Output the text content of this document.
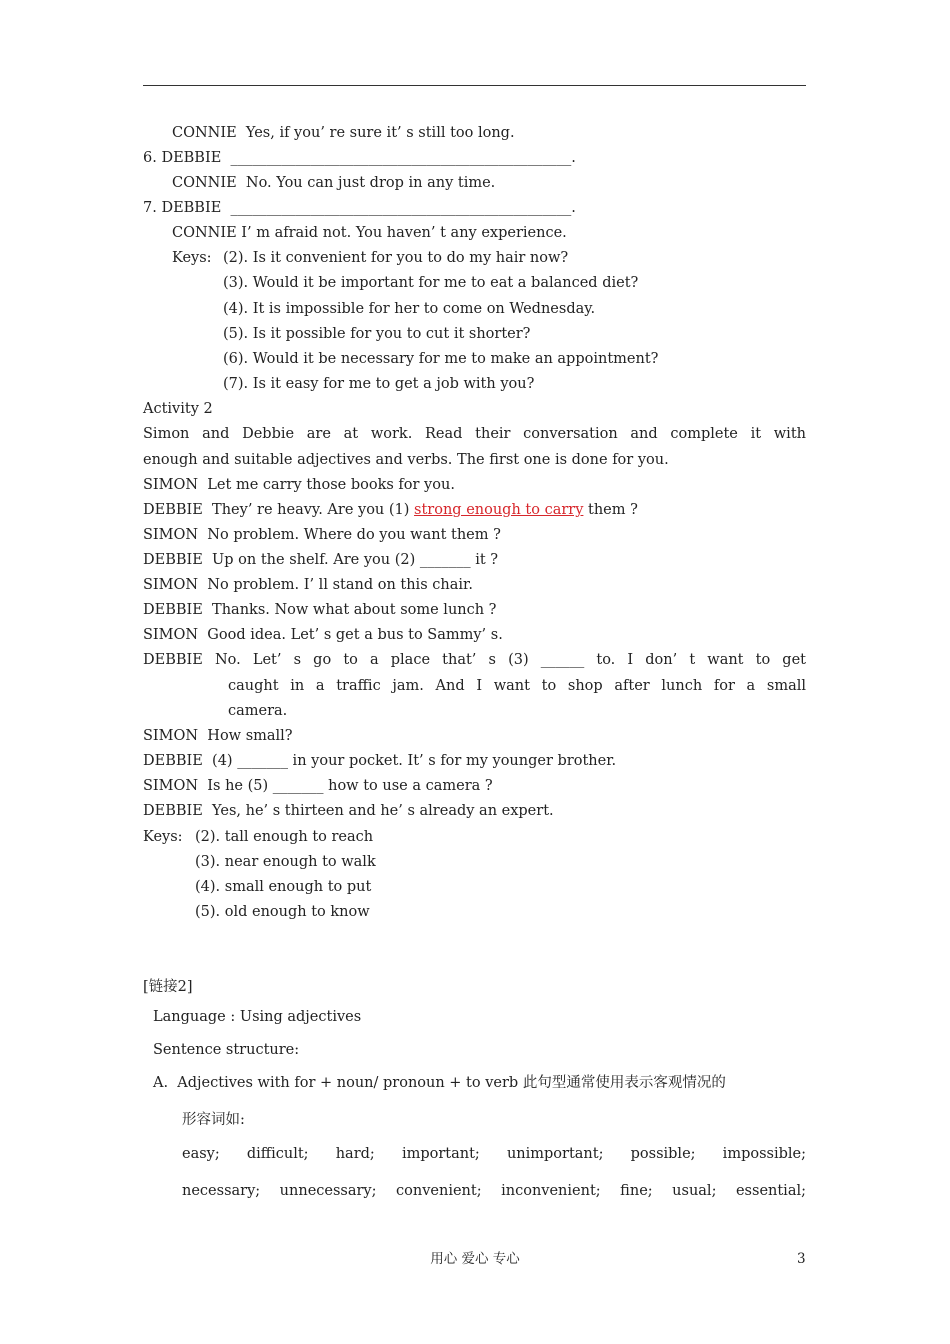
CONNIE  Yes, if you’ re sure it’ s still too long.
6. DEBBIE  _______________________________________________.
CONNIE  No. You can just drop in any time.
7. DEBBIE  _______________________________________________.
CONNIE I’ m afraid not. You haven’ t any experience.
Keys: (2). Is it convenient for you to do my hair now?
(3). Would it be important for me to eat a balanced diet?
(4). It is impossible for her to come on Wednesday.
(5). Is it possible for you to cut it shorter?
(6). Would it be necessary for me to make an appointment?
(7). Is it easy for me to get a job with you?
Activity 2
Simon and Debbie are at work. Read their conversation and complete it with
enough and suitable adjectives and verbs. The first one is done for you.
SIMON  Let me carry those books for you.
DEBBIE  They’ re heavy. Are you (1) strong enough to carry them ?
SIMON  No problem. Where do you want them ?
DEBBIE  Up on the shelf. Are you (2) _______ it ?
SIMON  No problem. I’ ll stand on this chair.
DEBBIE  Thanks. Now what about some lunch ?
SIMON  Good idea. Let’ s get a bus to Sammy’ s.
DEBBIE No. Let’ s go to a place that’ s (3) ______ to. I don’ t want to get
caught in a traffic jam. And I want to shop after lunch for a small
camera.
SIMON  How small?
DEBBIE  (4) _______ in your pocket. It’ s for my younger brother.
SIMON  Is he (5) _______ how to use a camera ?
DEBBIE  Yes, he’ s thirteen and he’ s already an expert.
Keys: (2). tall enough to reach
(3). near enough to walk
(4). small enough to put
(5). old enough to know
[链接2]
Language : Using adjectives
Sentence structure:
A.  Adjectives with for + noun/ pronoun + to verb 此句型通常使用表示客观情况的
形容词如:
easy; difficult; hard; important; unimportant; possible; impossible;
necessary; unnecessary; convenient; inconvenient; fine; usual; essential;
用心 爱心 专心	3
